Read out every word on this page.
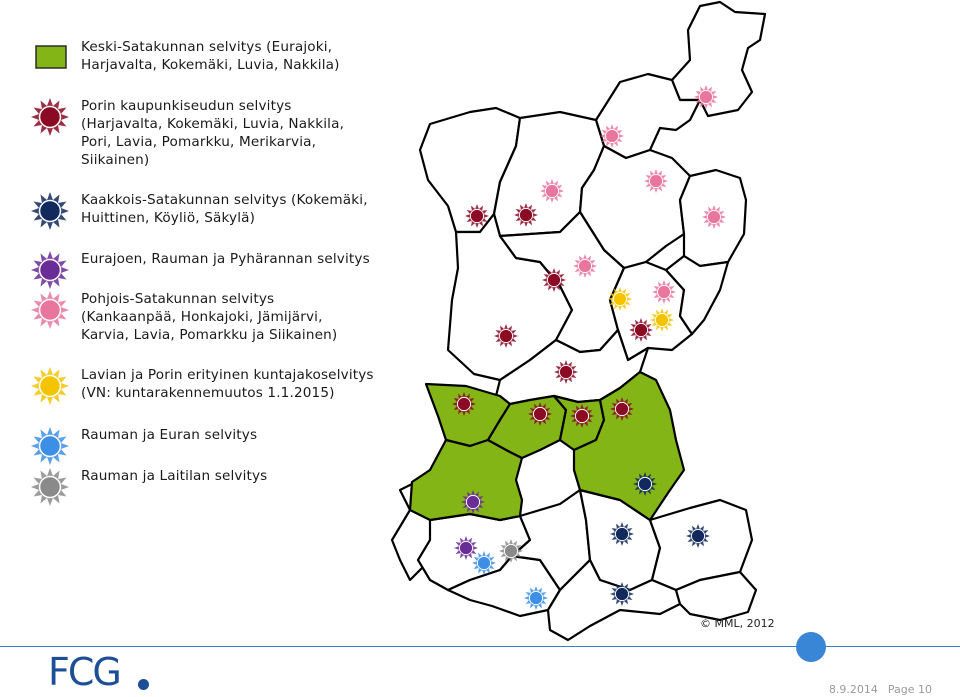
Keski-Satakunnan selvitys (Eurajoki,
Harjavalta, Kokemäki, Luvia, Nakkila)
Porin kaupunkiseudun selvitys
(Harjavalta, Kokemäki, Luvia, Nakkila,
Pori, Lavia, Pomarkku, Merikarvia,
Siikainen)
Kaakkois-Satakunnan selvitys (Kokemäki,
Huittinen, Köyliö, Säkylä)
Eurajoen, Rauman ja Pyhärannan selvitys
Pohjois-Satakunnan selvitys
(Kankaanpää, Honkajoki, Jämijärvi,
Karvia, Lavia, Pomarkku ja Siikainen)
Lavian ja Porin erityinen kuntajakoselvitys
(VN: kuntarakennemuutos 1.1.2015)
Rauman ja Euran selvitys
Rauman ja Laitilan selvitys
© MML, 2012
FCG	8.9.2014 Page 10
